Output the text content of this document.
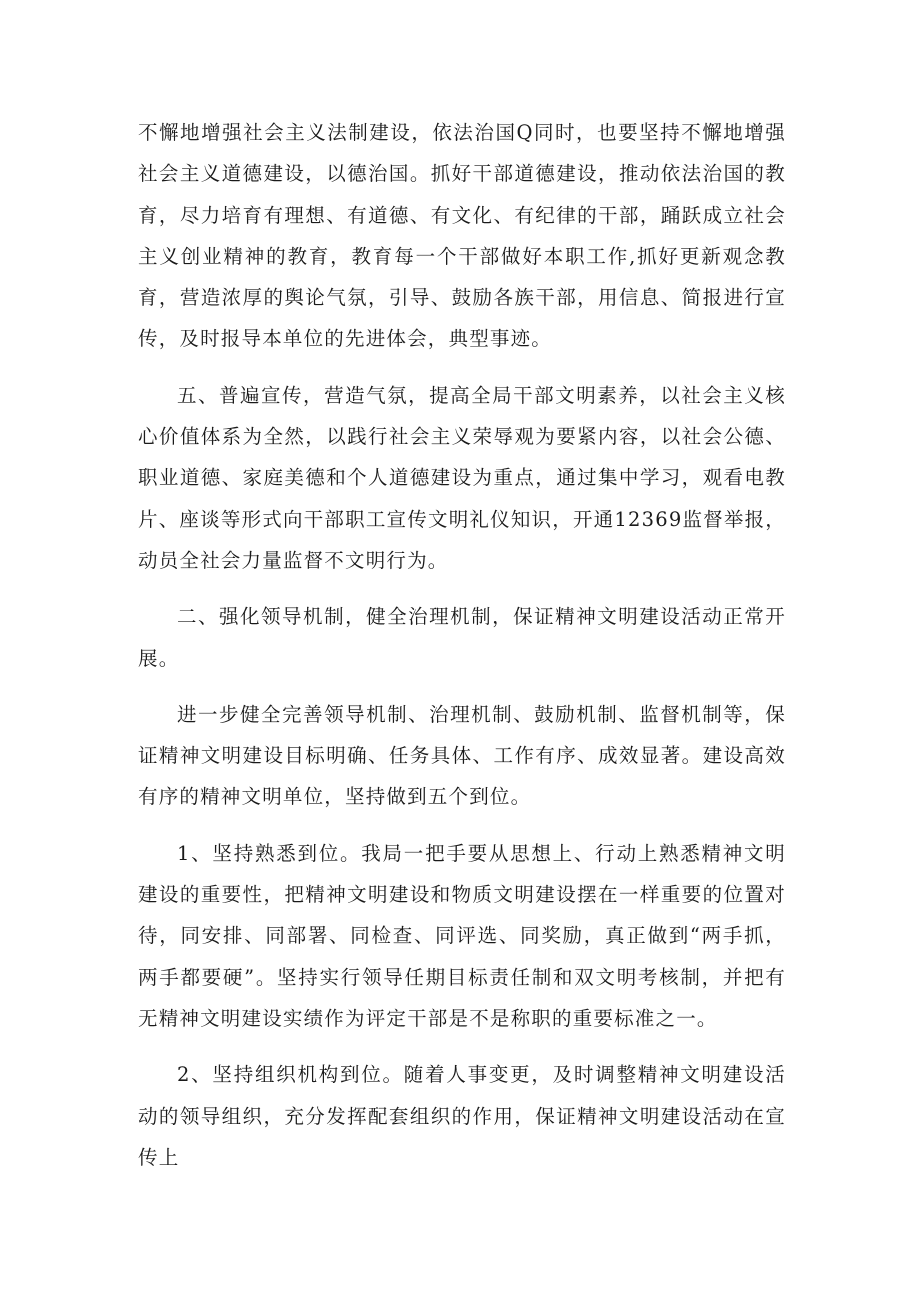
不懈地增强社会主义法制建设，依法治国Q同时，也要坚持不懈地增强社会主义道德建设，以德治国。抓好干部道德建设，推动依法治国的教育，尽力培育有理想、有道德、有文化、有纪律的干部，踊跃成立社会主义创业精神的教育，教育每一个干部做好本职工作,抓好更新观念教育，营造浓厚的舆论气氛，引导、鼓励各族干部，用信息、简报进行宣传，及时报导本单位的先进体会，典型事迹。

五、普遍宣传，营造气氛，提高全局干部文明素养，以社会主义核心价值体系为全然，以践行社会主义荣辱观为要紧内容，以社会公德、职业道德、家庭美德和个人道德建设为重点，通过集中学习，观看电教片、座谈等形式向干部职工宣传文明礼仪知识，开通12369监督举报，动员全社会力量监督不文明行为。

二、强化领导机制，健全治理机制，保证精神文明建设活动正常开展。

进一步健全完善领导机制、治理机制、鼓励机制、监督机制等，保证精神文明建设目标明确、任务具体、工作有序、成效显著。建设高效有序的精神文明单位，坚持做到五个到位。

1、坚持熟悉到位。我局一把手要从思想上、行动上熟悉精神文明建设的重要性，把精神文明建设和物质文明建设摆在一样重要的位置对待，同安排、同部署、同检查、同评选、同奖励，真正做到“两手抓，两手都要硬”。坚持实行领导任期目标责任制和双文明考核制，并把有无精神文明建设实绩作为评定干部是不是称职的重要标准之一。

2、坚持组织机构到位。随着人事变更，及时调整精神文明建设活动的领导组织，充分发挥配套组织的作用，保证精神文明建设活动在宣传上
